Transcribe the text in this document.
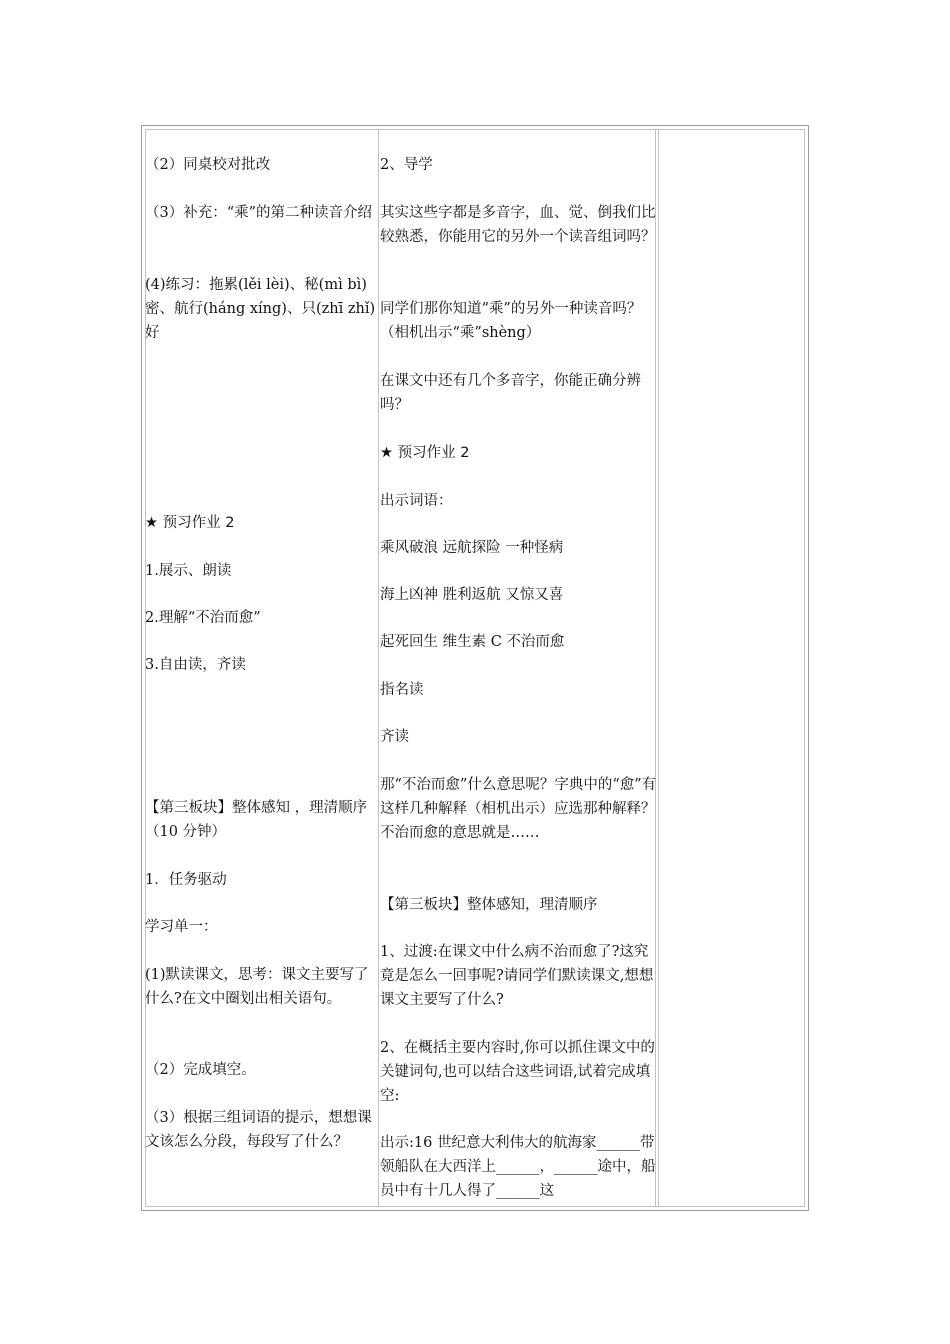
（2）同桌校对批改

（3）补充：“乘”的第二种读音介绍

(4)练习：拖累(lěi lèi)、秘(mì bì)密、航行(háng xíng)、只(zhī zhǐ)好

★ 预习作业 2

1.展示、朗读

2.理解“不治而愈”

3.自由读，齐读

【第三板块】整体感知 ，理清顺序（10 分钟）

1．任务驱动

学习单一：

(1)默读课文，思考：课文主要写了什么?在文中圈划出相关语句。

（2）完成填空。

（3）根据三组词语的提示，想想课文该怎么分段，每段写了什么？

2、导学

其实这些字都是多音字，血、觉、倒我们比较熟悉，你能用它的另外一个读音组词吗？

同学们那你知道“乘”的另外一种读音吗？（相机出示“乘”shèng）

在课文中还有几个多音字，你能正确分辨吗？

★ 预习作业 2

出示词语：

乘风破浪 远航探险 一种怪病

海上凶神 胜利返航 又惊又喜

起死回生 维生素 C 不治而愈

指名读

齐读

那“不治而愈”什么意思呢？字典中的“愈”有这样几种解释（相机出示）应选那种解释？不治而愈的意思就是……

【第三板块】整体感知，理清顺序

1、过渡:在课文中什么病不治而愈了?这究竟是怎么一回事呢?请同学们默读课文,想想课文主要写了什么?

2、在概括主要内容时,你可以抓住课文中的关键词句,也可以结合这些词语,试着完成填空:

出示:16 世纪意大利伟大的航海家______带领船队在大西洋上______，______途中，船员中有十几人得了______这
